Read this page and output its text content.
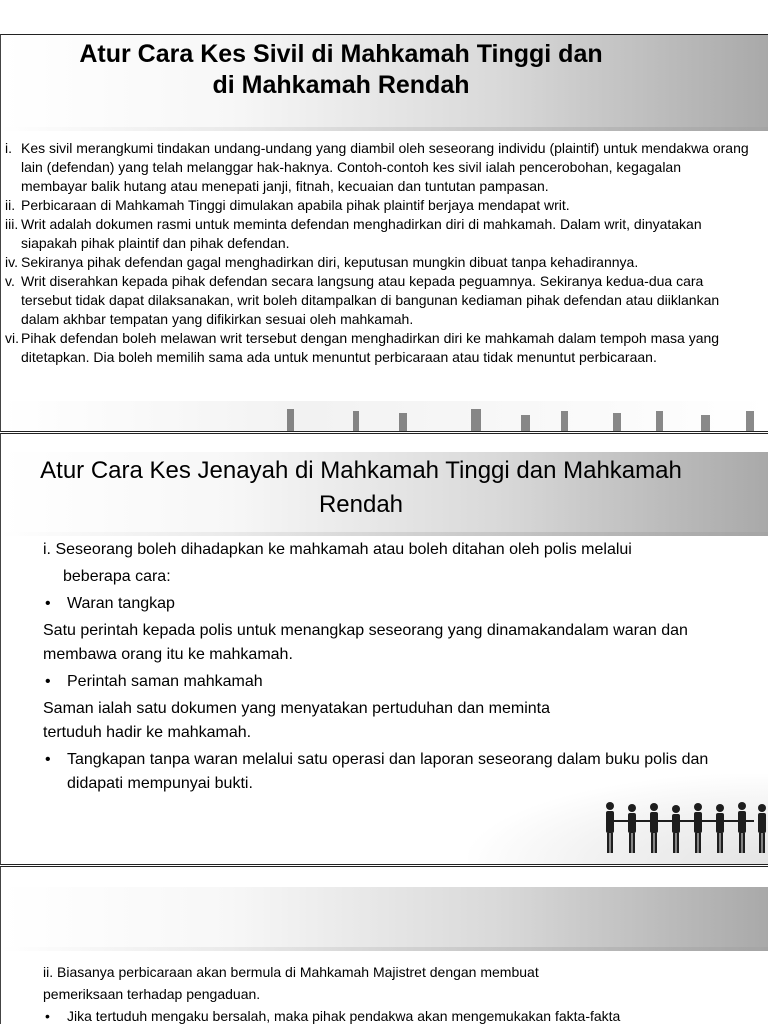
Atur Cara Kes Sivil di Mahkamah Tinggi dan di Mahkamah Rendah
i. Kes sivil merangkumi tindakan undang-undang yang diambil oleh seseorang individu (plaintif) untuk mendakwa orang lain (defendan) yang telah melanggar hak-haknya. Contoh-contoh kes sivil ialah pencerobohan, kegagalan membayar balik hutang atau menepati janji, fitnah, kecuaian dan tuntutan pampasan.
ii. Perbicaraan di Mahkamah Tinggi dimulakan apabila pihak plaintif berjaya mendapat writ.
iii. Writ adalah dokumen rasmi untuk meminta defendan menghadirkan diri di mahkamah. Dalam writ, dinyatakan siapakah pihak plaintif dan pihak defendan.
iv. Sekiranya pihak defendan gagal menghadirkan diri, keputusan mungkin dibuat tanpa kehadirannya.
v. Writ diserahkan kepada pihak defendan secara langsung atau kepada peguamnya. Sekiranya kedua-dua cara tersebut tidak dapat dilaksanakan, writ boleh ditampalkan di bangunan kediaman pihak defendan atau diiklankan dalam akhbar tempatan yang difikirkan sesuai oleh mahkamah.
vi. Pihak defendan boleh melawan writ tersebut dengan menghadirkan diri ke mahkamah dalam tempoh masa yang ditetapkan. Dia boleh memilih sama ada untuk menuntut perbicaraan atau tidak menuntut perbicaraan.
Atur Cara Kes Jenayah di Mahkamah Tinggi dan Mahkamah Rendah
i. Seseorang boleh dihadapkan ke mahkamah atau boleh ditahan oleh polis melalui
beberapa cara:
• Waran tangkap
Satu perintah kepada polis untuk menangkap seseorang yang dinamakandalam waran dan membawa orang itu ke mahkamah.
• Perintah saman mahkamah
Saman ialah satu dokumen yang menyatakan pertuduhan dan meminta
tertuduh hadir ke mahkamah.
• Tangkapan tanpa waran melalui satu operasi dan laporan seseorang dalam buku polis dan didapati mempunyai bukti.
ii. Biasanya perbicaraan akan bermula di Mahkamah Majistret dengan membuat
pemeriksaan terhadap pengaduan.
• Jika tertuduh mengaku bersalah, maka pihak pendakwa akan mengemukakan fakta-fakta
